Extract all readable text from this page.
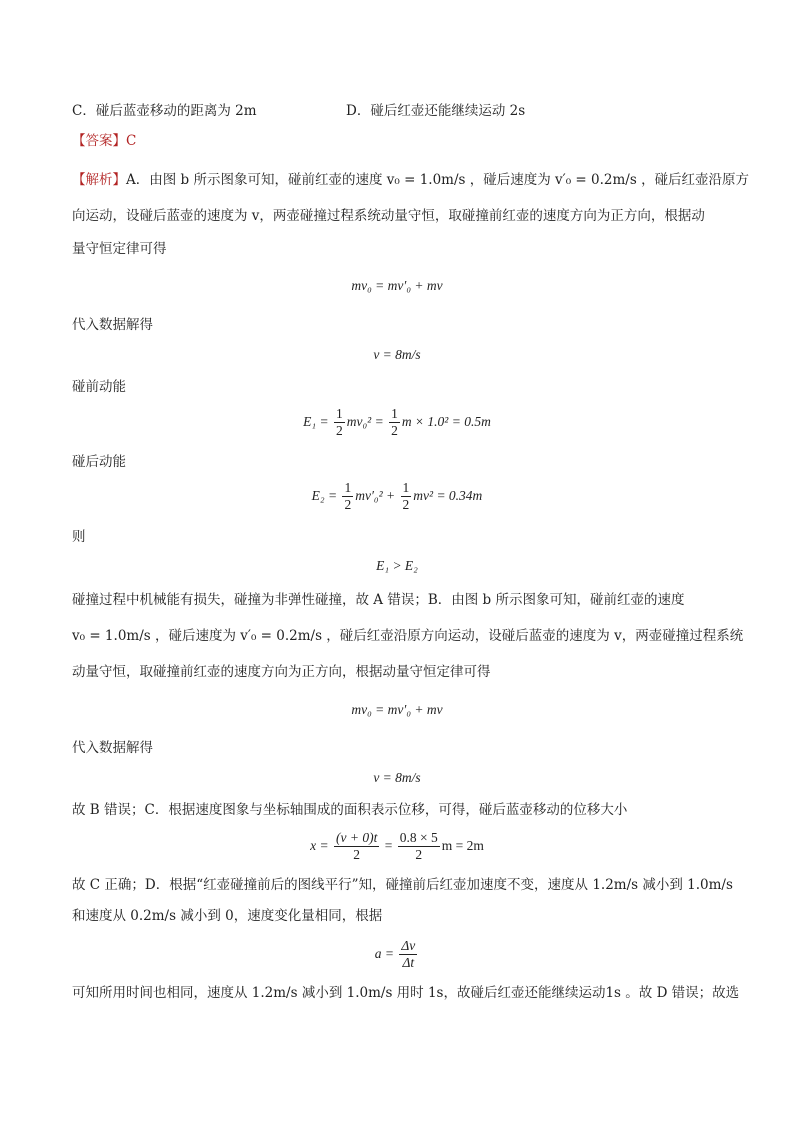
C．碰后蓝壶移动的距离为 2m	D．碰后红壶还能继续运动 2s
【答案】C
【解析】A．由图 b 所示图象可知，碰前红壶的速度 v₀ = 1.0m/s ，碰后速度为 v′₀ = 0.2m/s ，碰后红壶沿原方
向运动，设碰后蓝壶的速度为 v，两壶碰撞过程系统动量守恒，取碰撞前红壶的速度方向为正方向，根据动
量守恒定律可得
mv₀ = mv′₀ + mv
代入数据解得
v = 8m/s
碰前动能
$E_1 = \frac{1}{2} mv_0^2 = \frac{1}{2}$ m × 1.0² = 0.5m
碰后动能
$E_2 = \frac{1}{2} mv'_0^2 + \frac{1}{2} mv^2 = 0.34m$
则
E₁ > E₂
碰撞过程中机械能有损失，碰撞为非弹性碰撞，故 A 错误；B．由图 b 所示图象可知，碰前红壶的速度
v₀ = 1.0m/s ，碰后速度为 v′₀ = 0.2m/s ，碰后红壶沿原方向运动，设碰后蓝壶的速度为 v，两壶碰撞过程系统
动量守恒，取碰撞前红壶的速度方向为正方向，根据动量守恒定律可得
mv₀ = mv′₀ + mv
代入数据解得
v = 8m/s
故 B 错误；C．根据速度图象与坐标轴围成的面积表示位移，可得，碰后蓝壶移动的位移大小
$x = \frac{(v + 0)t}{2} = \frac{0.8 \times 5}{2}$ m = 2m
故 C 正确；D．根据“红壶碰撞前后的图线平行”知，碰撞前后红壶加速度不变，速度从 1.2m/s 减小到 1.0m/s
和速度从 0.2m/s 减小到 0，速度变化量相同，根据
$a = \frac{\Delta v}{\Delta t}$
可知所用时间也相同，速度从 1.2m/s 减小到 1.0m/s 用时 1s，故碰后红壶还能继续运动1s 。故 D 错误；故选
